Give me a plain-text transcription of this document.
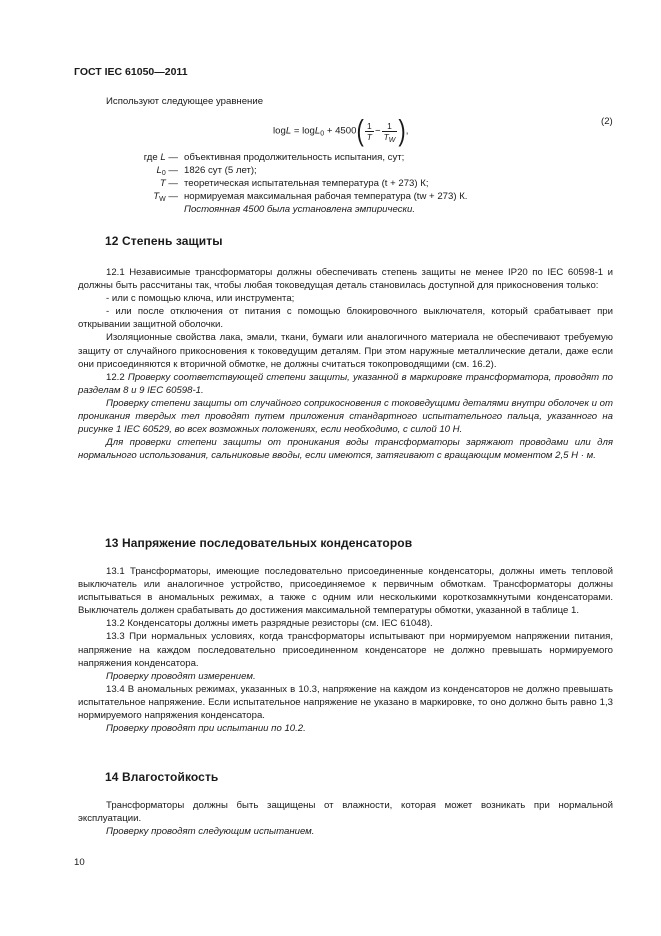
ГОСТ IEC 61050—2011

Используют следующее уравнение

$\log L = \log L_0 + 4500( \frac{1}{T} - \frac{1}{T_W}$ ),
(2)
где L — объективная продолжительность испытания, сут;
$L_0$ — 1826 сут (5 лет);
T — теоретическая испытательная температура (t + 273) К;
$T_W$ — нормируемая максимальная рабочая температура (tw + 273) К.
Постоянная 4500 была установлена эмпирически.
12 Степень защиты

12.1 Независимые трансформаторы должны обеспечивать степень защиты не менее IP20 по IEC 60598-1 и должны быть рассчитаны так, чтобы любая токоведущая деталь становилась доступной для прикосновения только:

- или с помощью ключа, или инструмента;

- или после отключения от питания с помощью блокировочного выключателя, который срабатывает при открывании защитной оболочки.

Изоляционные свойства лака, эмали, ткани, бумаги или аналогичного материала не обеспечивают требуемую защиту от случайного прикосновения к токоведущим деталям. При этом наружные металлические детали, даже если они присоединяются к вторичной обмотке, не должны считаться токопроводящими (см. 16.2).

12.2 Проверку соответствующей степени защиты, указанной в маркировке трансформатора, проводят по разделам 8 и 9 IEC 60598-1.

Проверку степени защиты от случайного соприкосновения с токоведущими деталями внутри оболочек и от проникания твердых тел проводят путем приложения стандартного испытательного пальца, указанного на рисунке 1 IEC 60529, во всех возможных положениях, если необходимо, с силой 10 Н.

Для проверки степени защиты от проникания воды трансформаторы заряжают проводами или для нормального использования, сальниковые вводы, если имеются, затягивают с вращающим моментом 2,5 Н · м.

13 Напряжение последовательных конденсаторов

13.1 Трансформаторы, имеющие последовательно присоединенные конденсаторы, должны иметь тепловой выключатель или аналогичное устройство, присоединяемое к первичным обмоткам. Трансформаторы должны испытываться в аномальных режимах, а также с одним или несколькими короткозамкнутыми конденсаторами. Выключатель должен срабатывать до достижения максимальной температуры обмотки, указанной в таблице 1.

13.2 Конденсаторы должны иметь разрядные резисторы (см. IEC 61048).

13.3 При нормальных условиях, когда трансформаторы испытывают при нормируемом напряжении питания, напряжение на каждом последовательно присоединенном конденсаторе не должно превышать нормируемого напряжения конденсатора.

Проверку проводят измерением.

13.4 В аномальных режимах, указанных в 10.3, напряжение на каждом из конденсаторов не должно превышать испытательное напряжение. Если испытательное напряжение не указано в маркировке, то оно должно быть равно 1,3 нормируемого напряжения конденсатора.

Проверку проводят при испытании по 10.2.

14 Влагостойкость

Трансформаторы должны быть защищены от влажности, которая может возникать при нормальной эксплуатации.

Проверку проводят следующим испытанием.

10
